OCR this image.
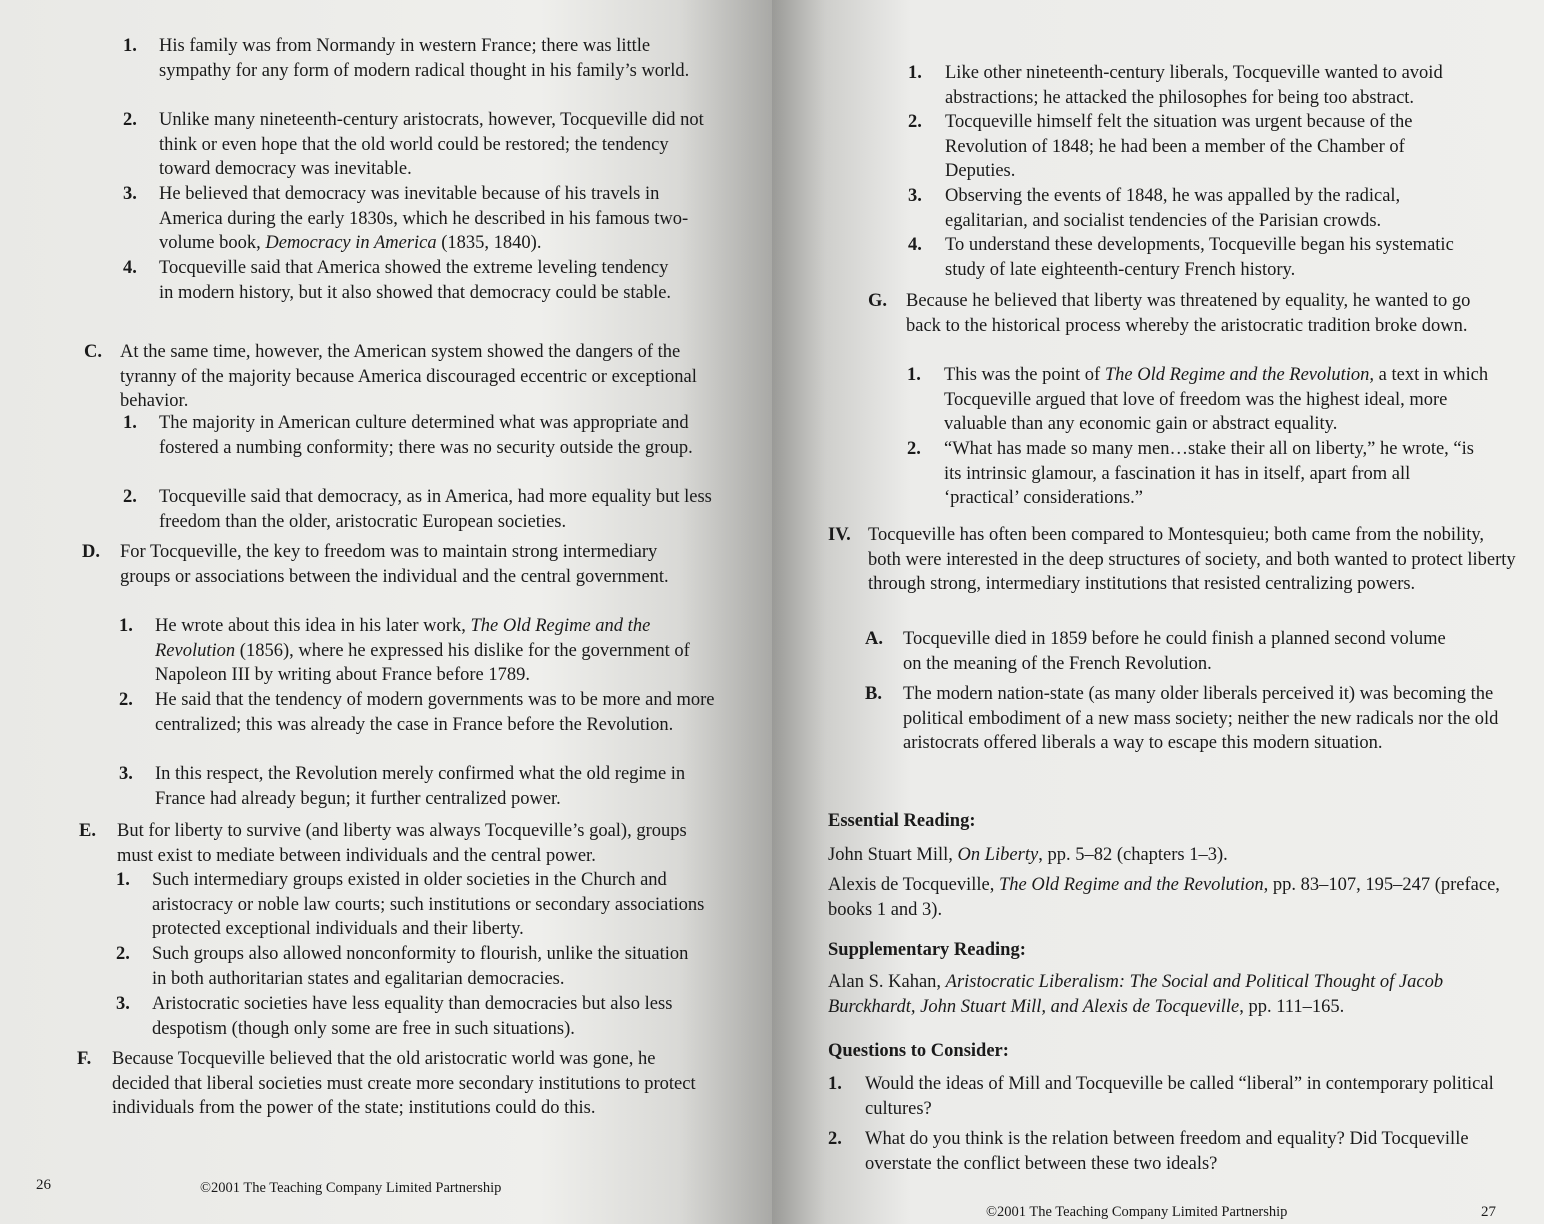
1. His family was from Normandy in western France; there was little sympathy for any form of modern radical thought in his family’s world.
2. Unlike many nineteenth-century aristocrats, however, Tocqueville did not think or even hope that the old world could be restored; the tendency toward democracy was inevitable.
3. He believed that democracy was inevitable because of his travels in America during the early 1830s, which he described in his famous two-volume book, Democracy in America (1835, 1840).
4. Tocqueville said that America showed the extreme leveling tendency in modern history, but it also showed that democracy could be stable.
C. At the same time, however, the American system showed the dangers of the tyranny of the majority because America discouraged eccentric or exceptional behavior.
1. The majority in American culture determined what was appropriate and fostered a numbing conformity; there was no security outside the group.
2. Tocqueville said that democracy, as in America, had more equality but less freedom than the older, aristocratic European societies.
D. For Tocqueville, the key to freedom was to maintain strong intermediary groups or associations between the individual and the central government.
1. He wrote about this idea in his later work, The Old Regime and the Revolution (1856), where he expressed his dislike for the government of Napoleon III by writing about France before 1789.
2. He said that the tendency of modern governments was to be more and more centralized; this was already the case in France before the Revolution.
3. In this respect, the Revolution merely confirmed what the old regime in France had already begun; it further centralized power.
E. But for liberty to survive (and liberty was always Tocqueville’s goal), groups must exist to mediate between individuals and the central power.
1. Such intermediary groups existed in older societies in the Church and aristocracy or noble law courts; such institutions or secondary associations protected exceptional individuals and their liberty.
2. Such groups also allowed nonconformity to flourish, unlike the situation in both authoritarian states and egalitarian democracies.
3. Aristocratic societies have less equality than democracies but also less despotism (though only some are free in such situations).
F. Because Tocqueville believed that the old aristocratic world was gone, he decided that liberal societies must create more secondary institutions to protect individuals from the power of the state; institutions could do this.
26	©2001 The Teaching Company Limited Partnership
1. Like other nineteenth-century liberals, Tocqueville wanted to avoid abstractions; he attacked the philosophes for being too abstract.
2. Tocqueville himself felt the situation was urgent because of the Revolution of 1848; he had been a member of the Chamber of Deputies.
3. Observing the events of 1848, he was appalled by the radical, egalitarian, and socialist tendencies of the Parisian crowds.
4. To understand these developments, Tocqueville began his systematic study of late eighteenth-century French history.
G. Because he believed that liberty was threatened by equality, he wanted to go back to the historical process whereby the aristocratic tradition broke down.
1. This was the point of The Old Regime and the Revolution, a text in which Tocqueville argued that love of freedom was the highest ideal, more valuable than any economic gain or abstract equality.
2. “What has made so many men…stake their all on liberty,” he wrote, “is its intrinsic glamour, a fascination it has in itself, apart from all ‘practical’ considerations.”
IV. Tocqueville has often been compared to Montesquieu; both came from the nobility, both were interested in the deep structures of society, and both wanted to protect liberty through strong, intermediary institutions that resisted centralizing powers.
A. Tocqueville died in 1859 before he could finish a planned second volume on the meaning of the French Revolution.
B. The modern nation-state (as many older liberals perceived it) was becoming the political embodiment of a new mass society; neither the new radicals nor the old aristocrats offered liberals a way to escape this modern situation.
Essential Reading:
John Stuart Mill, On Liberty, pp. 5–82 (chapters 1–3).
Alexis de Tocqueville, The Old Regime and the Revolution, pp. 83–107, 195–247 (preface, books 1 and 3).
Supplementary Reading:
Alan S. Kahan, Aristocratic Liberalism: The Social and Political Thought of Jacob Burckhardt, John Stuart Mill, and Alexis de Tocqueville, pp. 111–165.
Questions to Consider:
1. Would the ideas of Mill and Tocqueville be called “liberal” in contemporary political cultures?
2. What do you think is the relation between freedom and equality? Did Tocqueville overstate the conflict between these two ideals?
©2001 The Teaching Company Limited Partnership	27
